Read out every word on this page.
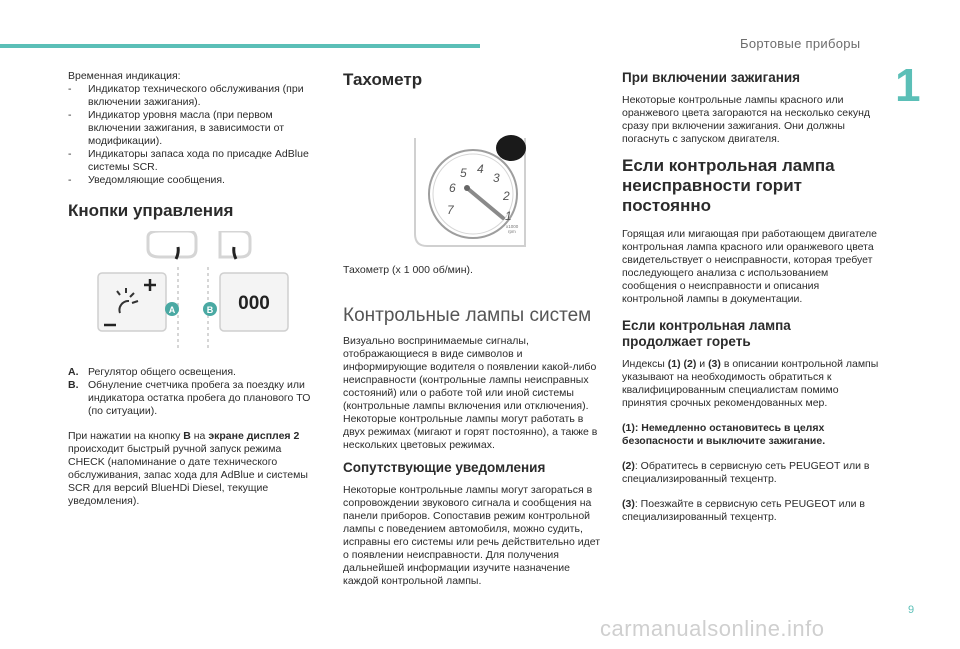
Бортовые приборы
1

Временная индикация:

- Индикатор технического обслуживания (при включении зажигания).
- Индикатор уровня масла (при первом включении зажигания, в зависимости от модификации).
- Индикаторы запаса хода по присадке AdBlue системы SCR.
- Уведомляющие сообщения.
Кнопки управления
A	B 000
A. Регулятор общего освещения.
B. Обнуление счетчика пробега за поездку или индикатора остатка пробега до планового ТО (по ситуации).

При нажатии на кнопку B на экране дисплея 2 происходит быстрый ручной запуск режима CHECK (напоминание о дате технического обслуживания, запас хода для AdBlue и системы SCR для версий BlueHDi Diesel, текущие уведомления).

Тахометр
1
2
3
4
5
6
7
x1000
rpm

Тахометр (x 1 000 об/мин).

Контрольные лампы систем

Визуально воспринимаемые сигналы, отображающиеся в виде символов и информирующие водителя о появлении какой-либо неисправности (контрольные лампы неисправных состояний) или о работе той или иной системы (контрольные лампы включения или отключения). Некоторые контрольные лампы могут работать в двух режимах (мигают и горят постоянно), а также в нескольких цветовых режимах.

Сопутствующие уведомления

Некоторые контрольные лампы могут загораться в сопровождении звукового сигнала и сообщения на панели приборов. Сопоставив режим контрольной лампы с поведением автомобиля, можно судить, исправны его системы или речь действительно идет о появлении неисправности. Для получения дальнейшей информации изучите назначение каждой контрольной лампы.

При включении зажигания

Некоторые контрольные лампы красного или оранжевого цвета загораются на несколько секунд сразу при включении зажигания. Они должны погаснуть с запуском двигателя.

Если контрольная лампа
неисправности горит постоянно

Горящая или мигающая при работающем двигателе контрольная лампа красного или оранжевого цвета свидетельствует о неисправности, которая требует последующего анализа с использованием сообщения о неисправности и описания контрольной лампы в документации.

Если контрольная лампа
продолжает гореть

Индексы (1) (2) и (3) в описании контрольной лампы указывают на необходимость обратиться к квалифицированным специалистам помимо принятия срочных рекомендованных мер.

(1): Немедленно остановитесь в целях безопасности и выключите зажигание.

(2): Обратитесь в сервисную сеть PEUGEOT или в специализированный техцентр.

(3): Поезжайте в сервисную сеть PEUGEOT или в специализированный техцентр.

9
carmanualsonline.info
